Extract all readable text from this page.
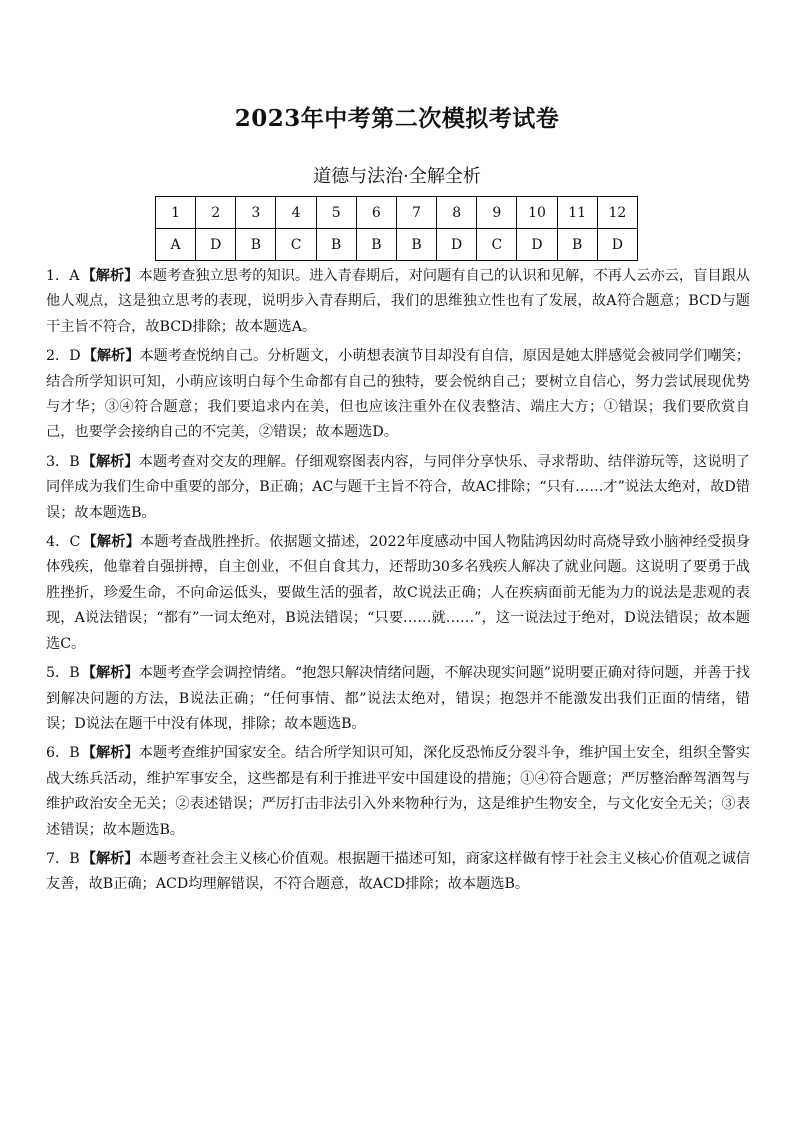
2023年中考第二次模拟考试卷
道德与法治·全解全析
1	2	3	4	5	6	7	8	9	10	11	12
A	D	B	C	B	B	B	D	C	D	B	D

1．A 【解析】本题考查独立思考的知识。进入青春期后，对问题有自己的认识和见解，不再人云亦云，盲目跟从他人观点，这是独立思考的表现，说明步入青春期后，我们的思维独立性也有了发展，故A符合题意；BCD与题干主旨不符合，故BCD排除；故本题选A。

2．D 【解析】本题考查悦纳自己。分析题文，小萌想表演节目却没有自信，原因是她太胖感觉会被同学们嘲笑；结合所学知识可知，小萌应该明白每个生命都有自己的独特，要会悦纳自己；要树立自信心，努力尝试展现优势与才华；③④符合题意；我们要追求内在美，但也应该注重外在仪表整洁、端庄大方；①错误；我们要欣赏自己，也要学会接纳自己的不完美，②错误；故本题选D。

3．B 【解析】本题考查对交友的理解。仔细观察图表内容，与同伴分享快乐、寻求帮助、结伴游玩等，这说明了同伴成为我们生命中重要的部分，B正确；AC与题干主旨不符合，故AC排除；“只有……才”说法太绝对，故D错误；故本题选B。

4．C 【解析】本题考查战胜挫折。依据题文描述，2022年度感动中国人物陆鸿因幼时高烧导致小脑神经受损身体残疾，他靠着自强拼搏，自主创业，不但自食其力，还帮助30多名残疾人解决了就业问题。这说明了要勇于战胜挫折，珍爱生命，不向命运低头，要做生活的强者，故C说法正确；人在疾病面前无能为力的说法是悲观的表现，A说法错误；“都有”一词太绝对，B说法错误；“只要……就……”，这一说法过于绝对，D说法错误；故本题选C。

5．B 【解析】本题考查学会调控情绪。“抱怨只解决情绪问题，不解决现实问题”说明要正确对待问题，并善于找到解决问题的方法，B说法正确；“任何事情、都”说法太绝对，错误；抱怨并不能激发出我们正面的情绪，错误；D说法在题干中没有体现，排除；故本题选B。

6．B 【解析】本题考查维护国家安全。结合所学知识可知，深化反恐怖反分裂斗争，维护国土安全，组织全警实战大练兵活动，维护军事安全，这些都是有利于推进平安中国建设的措施；①④符合题意；严厉整治醉驾酒驾与维护政治安全无关；②表述错误；严厉打击非法引入外来物种行为，这是维护生物安全，与文化安全无关；③表述错误；故本题选B。

7．B 【解析】本题考查社会主义核心价值观。根据题干描述可知，商家这样做有悖于社会主义核心价值观之诚信友善，故B正确；ACD均理解错误，不符合题意，故ACD排除；故本题选B。
